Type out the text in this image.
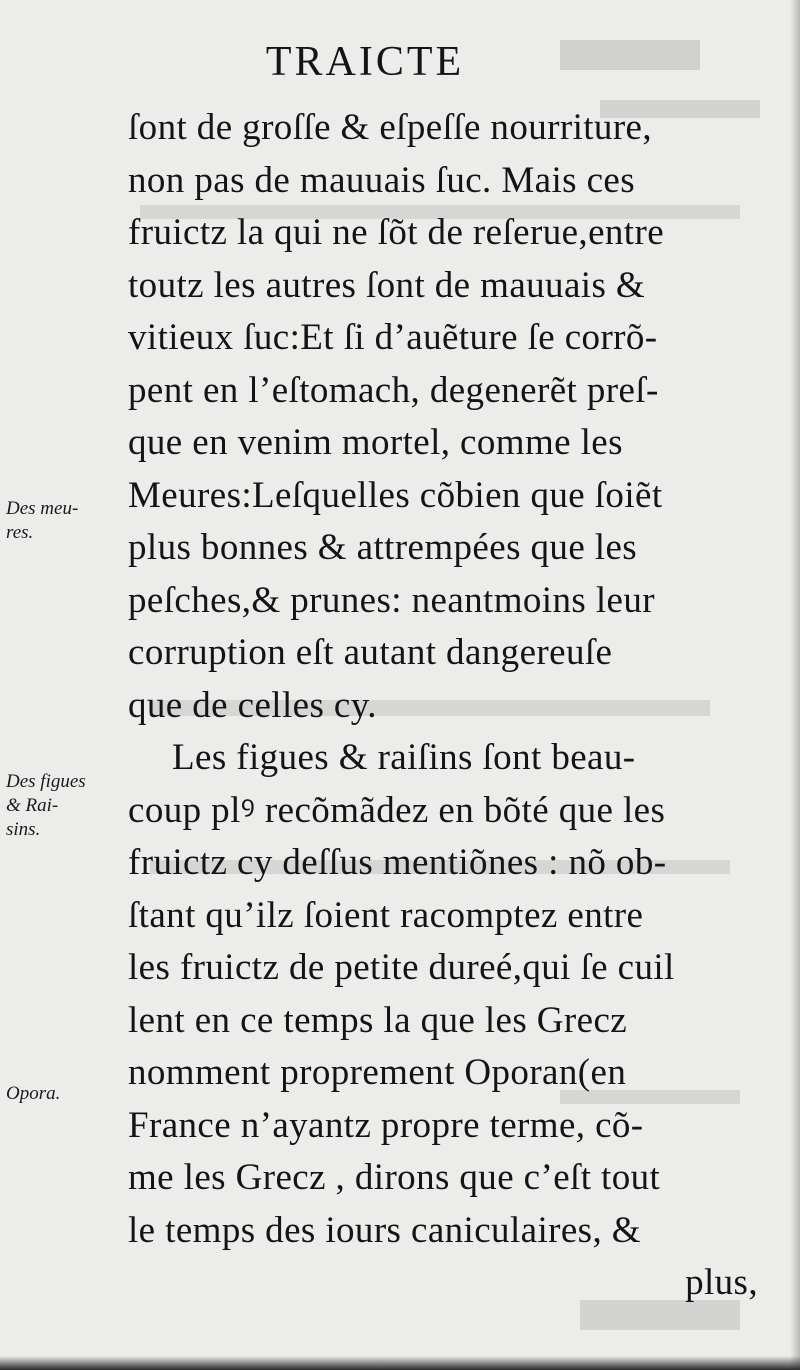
TRAICTE
Des meu-
res.
Des figues
& Rai-
sins.
Opora.
ſont de groſſe & eſpeſſe nourriture,
non pas de mauuais ſuc. Mais ces
fruictz la qui ne ſõt de reſerue,entre
toutz les autres ſont de mauuais &
vitieux ſuc:Et ſi d’auẽture ſe corrõ-
pent en l’eſtomach, degenerẽt preſ-
que en venim mortel, comme les
Meures:Leſquelles cõbien que ſoiẽt
plus bonnes & attrempées que les
peſches,& prunes: neantmoins leur
corruption eſt autant dangereuſe
que de celles cy.
Les figues & raiſins ſont beau-
coup plꝰ recõmãdez en bõté que les
fruictz cy deſſus mentiõnes : nõ ob-
ſtant qu’ilz ſoient racomptez entre
les fruictz de petite dureé,qui ſe cuil
lent en ce temps la que les Grecz
nomment proprement Oporan(en
France n’ayantz propre terme, cõ-
me les Grecz , dirons que c’eſt tout
le temps des iours caniculaires, &
plus,
